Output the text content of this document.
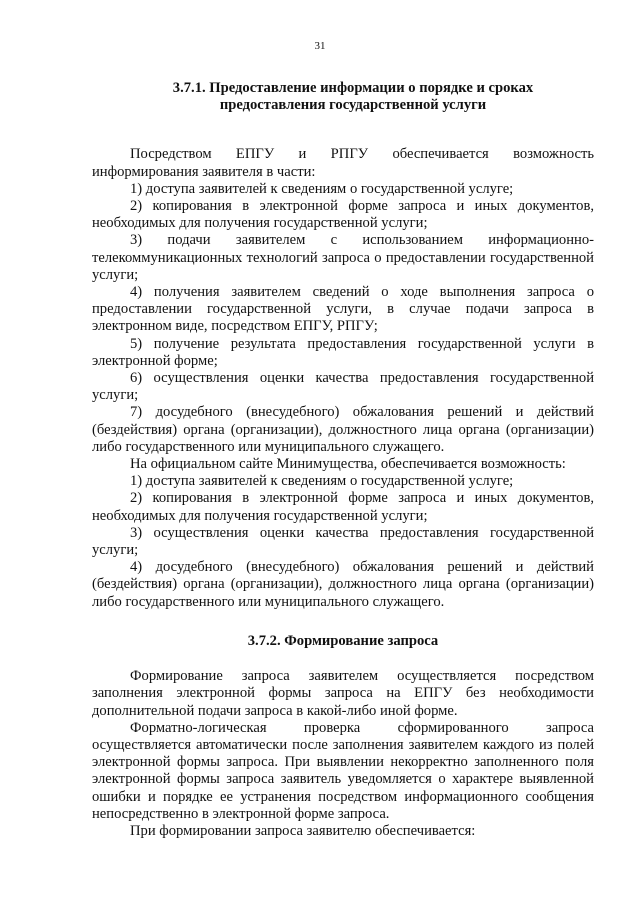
31
3.7.1. Предоставление информации о порядке и сроках
предоставления государственной услуги

Посредством ЕПГУ и РПГУ обеспечивается возможность информирования заявителя в части:

1) доступа заявителей к сведениям о государственной услуге;

2) копирования в электронной форме запроса и иных документов, необходимых для получения государственной услуги;

3) подачи заявителем с использованием информационно-телекоммуникационных технологий запроса о предоставлении государственной услуги;

4) получения заявителем сведений о ходе выполнения запроса о предоставлении государственной услуги, в случае подачи запроса в электронном виде, посредством ЕПГУ, РПГУ;

5) получение результата предоставления государственной услуги в электронной форме;

6) осуществления оценки качества предоставления государственной услуги;

7) досудебного (внесудебного) обжалования решений и действий (бездействия) органа (организации), должностного лица органа (организации) либо государственного или муниципального служащего.

На официальном сайте Минимущества, обеспечивается возможность:

1) доступа заявителей к сведениям о государственной услуге;

2) копирования в электронной форме запроса и иных документов, необходимых для получения государственной услуги;

3) осуществления оценки качества предоставления государственной услуги;

4) досудебного (внесудебного) обжалования решений и действий (бездействия) органа (организации), должностного лица органа (организации) либо государственного или муниципального служащего.

3.7.2. Формирование запроса

Формирование запроса заявителем осуществляется посредством заполнения электронной формы запроса на ЕПГУ без необходимости дополнительной подачи запроса в какой-либо иной форме.

Форматно-логическая проверка сформированного запроса осуществляется автоматически после заполнения заявителем каждого из полей электронной формы запроса. При выявлении некорректно заполненного поля электронной формы запроса заявитель уведомляется о характере выявленной ошибки и порядке ее устранения посредством информационного сообщения непосредственно в электронной форме запроса.

При формировании запроса заявителю обеспечивается:
